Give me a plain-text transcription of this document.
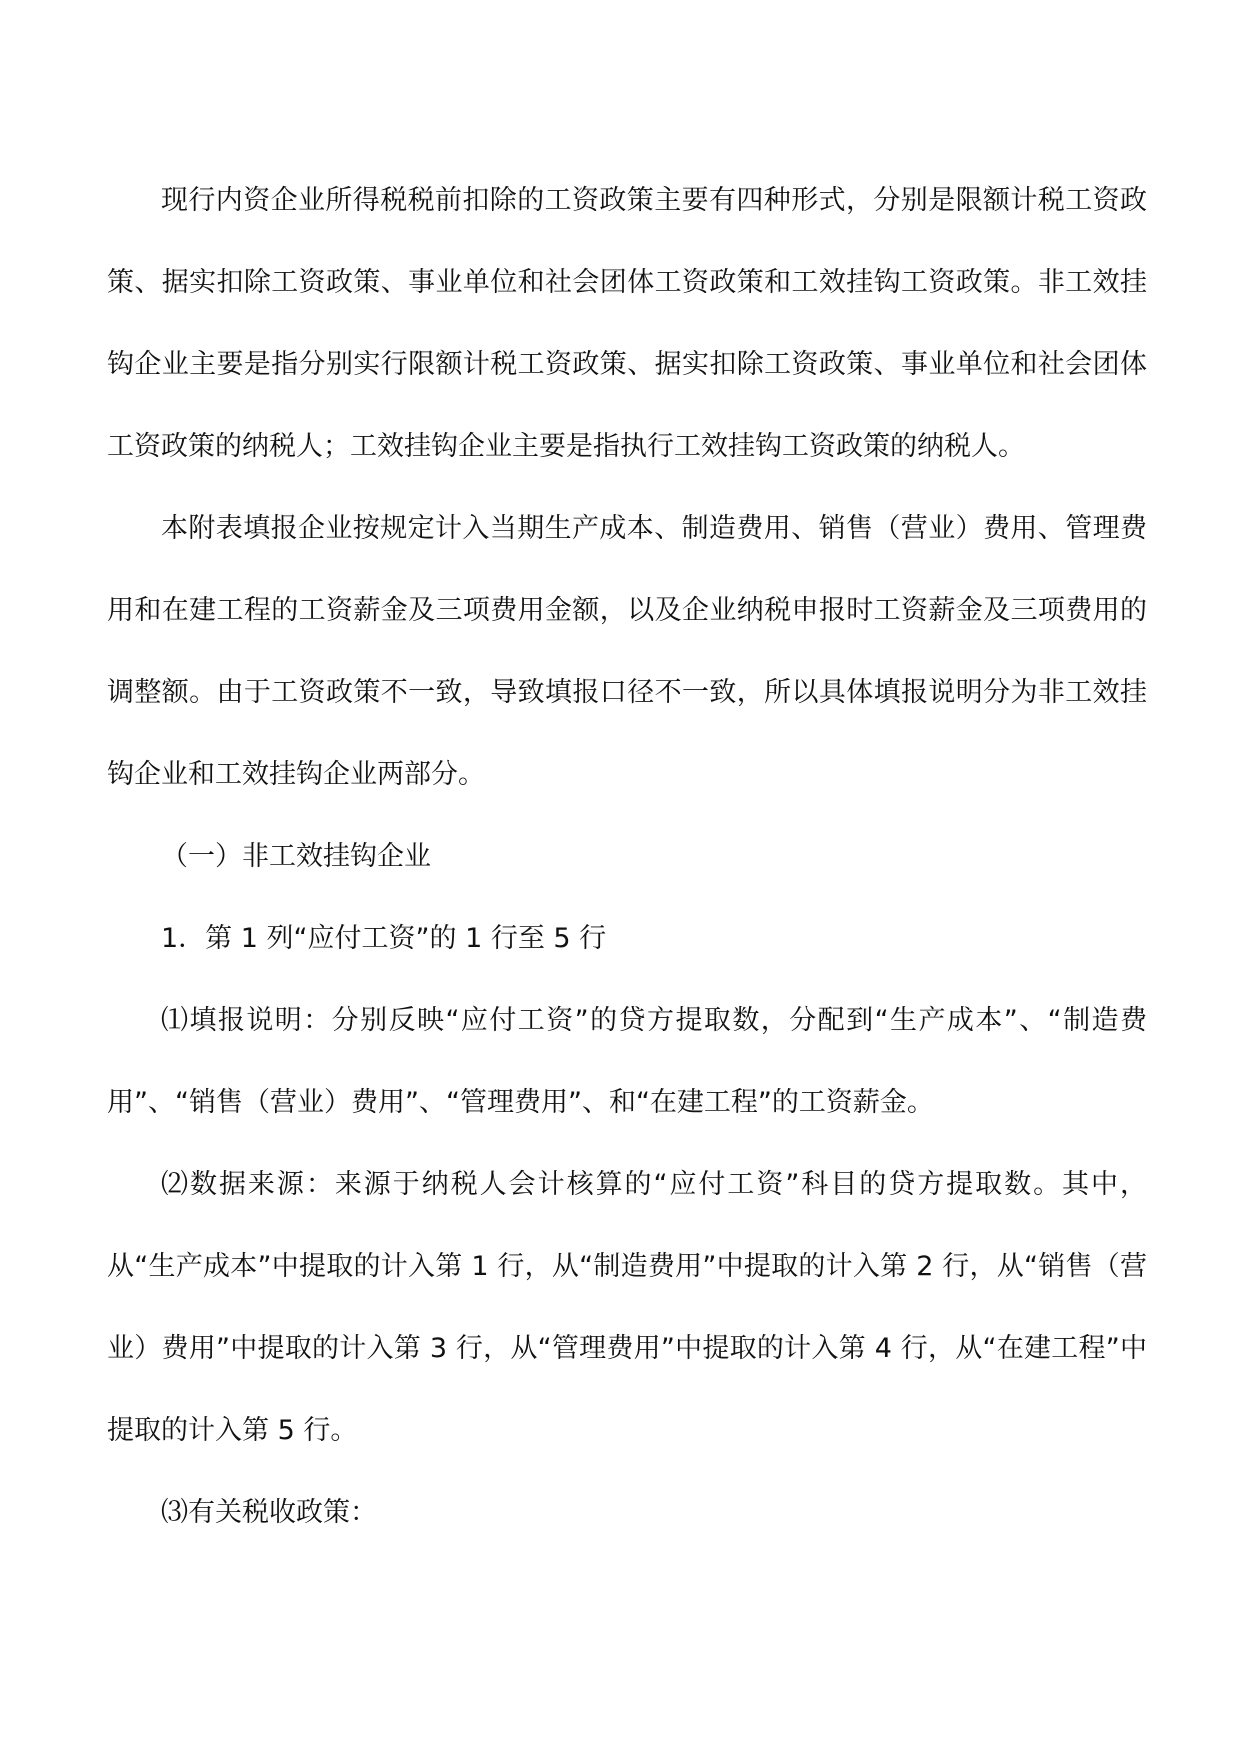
现行内资企业所得税税前扣除的工资政策主要有四种形式，分别是限额计税工资政策、据实扣除工资政策、事业单位和社会团体工资政策和工效挂钩工资政策。非工效挂钩企业主要是指分别实行限额计税工资政策、据实扣除工资政策、事业单位和社会团体工资政策的纳税人；工效挂钩企业主要是指执行工效挂钩工资政策的纳税人。

本附表填报企业按规定计入当期生产成本、制造费用、销售（营业）费用、管理费用和在建工程的工资薪金及三项费用金额，以及企业纳税申报时工资薪金及三项费用的调整额。由于工资政策不一致，导致填报口径不一致，所以具体填报说明分为非工效挂钩企业和工效挂钩企业两部分。

（一）非工效挂钩企业

1．第 1 列“应付工资”的 1 行至 5 行

⑴填报说明：分别反映“应付工资”的贷方提取数，分配到“生产成本”、“制造费用”、“销售（营业）费用”、“管理费用”、和“在建工程”的工资薪金。

⑵数据来源：来源于纳税人会计核算的“应付工资”科目的贷方提取数。其中，从“生产成本”中提取的计入第 1 行，从“制造费用”中提取的计入第 2 行，从“销售（营业）费用”中提取的计入第 3 行，从“管理费用”中提取的计入第 4 行，从“在建工程”中提取的计入第 5 行。

⑶有关税收政策：
